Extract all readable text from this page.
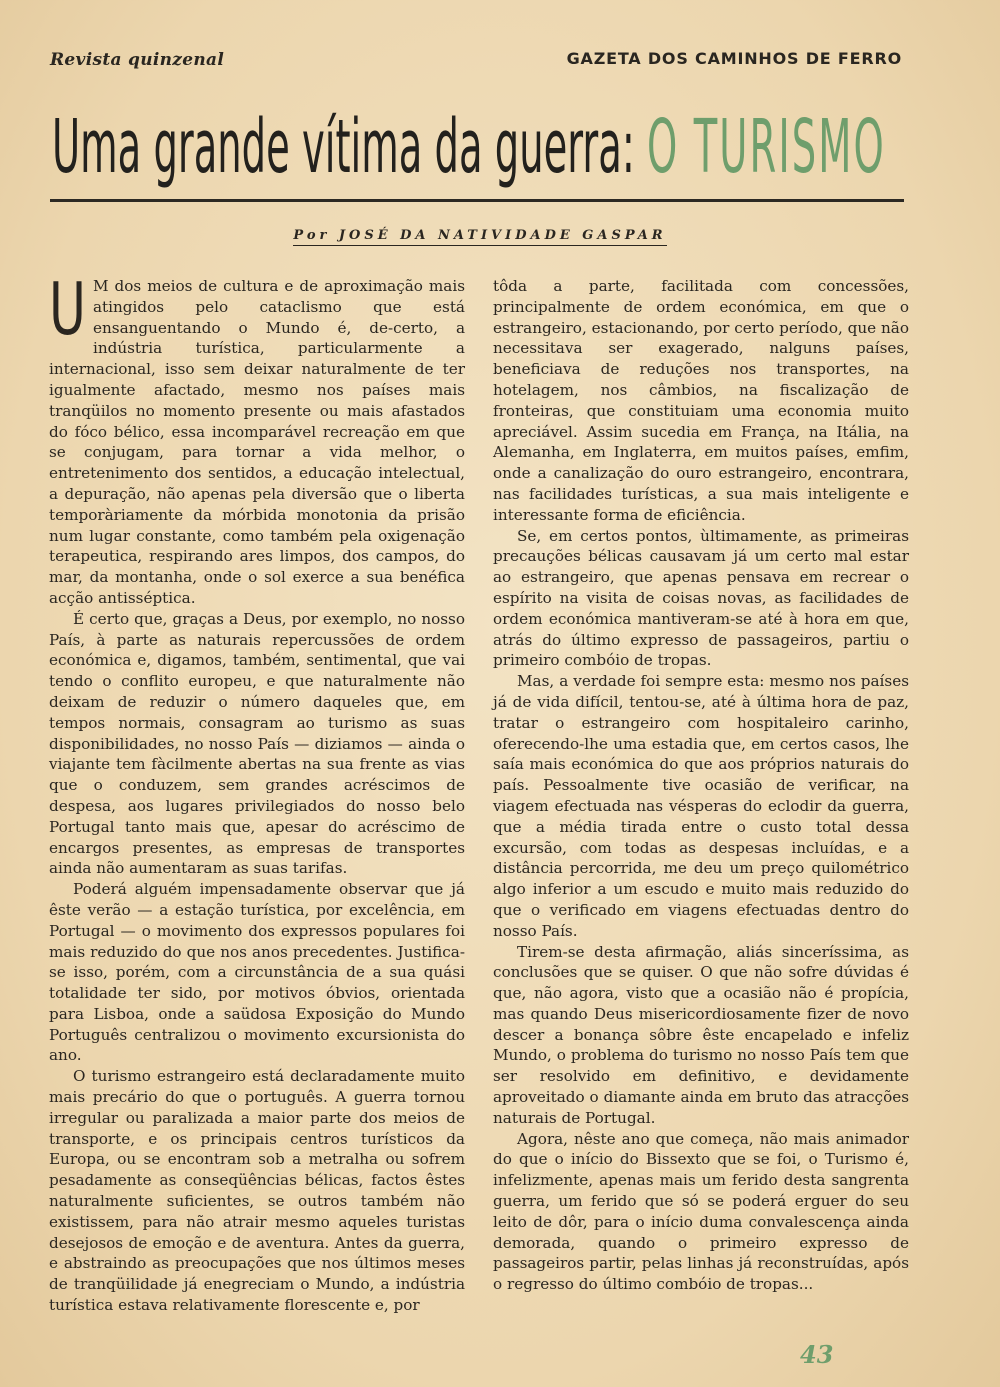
Revista quinzenal	GAZETA DOS CAMINHOS DE FERRO
Uma grande vítima da guerra: O TURISMO
Por JOSÉ DA NATIVIDADE GASPAR

U M dos meios de cultura e de aproximação mais atingidos pelo cataclismo que está ensanguentando o Mundo é, de-certo, a indústria turística, particularmente a internacional, isso sem deixar naturalmente de ter igualmente afactado, mesmo nos países mais tranqüilos no momento presente ou mais afastados do fóco bélico, essa incomparável recreação em que se conjugam, para tornar a vida melhor, o entretenimento dos sentidos, a educação intelectual, a depuração, não apenas pela diversão que o liberta temporàriamente da mórbida monotonia da prisão num lugar constante, como também pela oxigenação terapeutica, respirando ares limpos, dos campos, do mar, da montanha, onde o sol exerce a sua benéfica acção antisséptica.

É certo que, graças a Deus, por exemplo, no nosso País, à parte as naturais repercussões de ordem económica e, digamos, também, sentimental, que vai tendo o conflito europeu, e que naturalmente não deixam de reduzir o número daqueles que, em tempos normais, consagram ao turismo as suas disponibilidades, no nosso País — diziamos — ainda o viajante tem fàcilmente abertas na sua frente as vias que o conduzem, sem grandes acréscimos de despesa, aos lugares privilegiados do nosso belo Portugal tanto mais que, apesar do acréscimo de encargos presentes, as empresas de transportes ainda não aumentaram as suas tarifas.

Poderá alguém impensadamente observar que já êste verão — a estação turística, por excelência, em Portugal — o movimento dos expressos populares foi mais reduzido do que nos anos precedentes. Justifica-se isso, porém, com a circunstância de a sua quási totalidade ter sido, por motivos óbvios, orientada para Lisboa, onde a saüdosa Exposição do Mundo Português centralizou o movimento excursionista do ano.

O turismo estrangeiro está declaradamente muito mais precário do que o português. A guerra tornou irregular ou paralizada a maior parte dos meios de transporte, e os principais centros turísticos da Europa, ou se encontram sob a metralha ou sofrem pesadamente as conseqüências bélicas, factos êstes naturalmente suficientes, se outros também não existissem, para não atrair mesmo aqueles turistas desejosos de emoção e de aventura. Antes da guerra, e abstraindo as preocupações que nos últimos meses de tranqüilidade já enegreciam o Mundo, a indústria turística estava relativamente florescente e, por

tôda a parte, facilitada com concessões, principalmente de ordem económica, em que o estrangeiro, estacionando, por certo período, que não necessitava ser exagerado, nalguns países, beneficiava de reduções nos transportes, na hotelagem, nos câmbios, na fiscalização de fronteiras, que constituiam uma economia muito apreciável. Assim sucedia em França, na Itália, na Alemanha, em Inglaterra, em muitos países, emfim, onde a canalização do ouro estrangeiro, encontrara, nas facilidades turísticas, a sua mais inteligente e interessante forma de eficiência.

Se, em certos pontos, ùltimamente, as primeiras precauções bélicas causavam já um certo mal estar ao estrangeiro, que apenas pensava em recrear o espírito na visita de coisas novas, as facilidades de ordem económica mantiveram-se até à hora em que, atrás do último expresso de passageiros, partiu o primeiro combóio de tropas.

Mas, a verdade foi sempre esta: mesmo nos países já de vida difícil, tentou-se, até à última hora de paz, tratar o estrangeiro com hospitaleiro carinho, oferecendo-lhe uma estadia que, em certos casos, lhe saía mais económica do que aos próprios naturais do país. Pessoalmente tive ocasião de verificar, na viagem efectuada nas vésperas do eclodir da guerra, que a média tirada entre o custo total dessa excursão, com todas as despesas incluídas, e a distância percorrida, me deu um preço quilométrico algo inferior a um escudo e muito mais reduzido do que o verificado em viagens efectuadas dentro do nosso País.

Tirem-se desta afirmação, aliás sinceríssima, as conclusões que se quiser. O que não sofre dúvidas é que, não agora, visto que a ocasião não é propícia, mas quando Deus misericordiosamente fizer de novo descer a bonança sôbre êste encapelado e infeliz Mundo, o problema do turismo no nosso País tem que ser resolvido em definitivo, e devidamente aproveitado o diamante ainda em bruto das atracções naturais de Portugal.

Agora, nêste ano que começa, não mais animador do que o início do Bissexto que se foi, o Turismo é, infelizmente, apenas mais um ferido desta sangrenta guerra, um ferido que só se poderá erguer do seu leito de dôr, para o início duma convalescença ainda demorada, quando o primeiro expresso de passageiros partir, pelas linhas já reconstruídas, após o regresso do último combóio de tropas...

43
